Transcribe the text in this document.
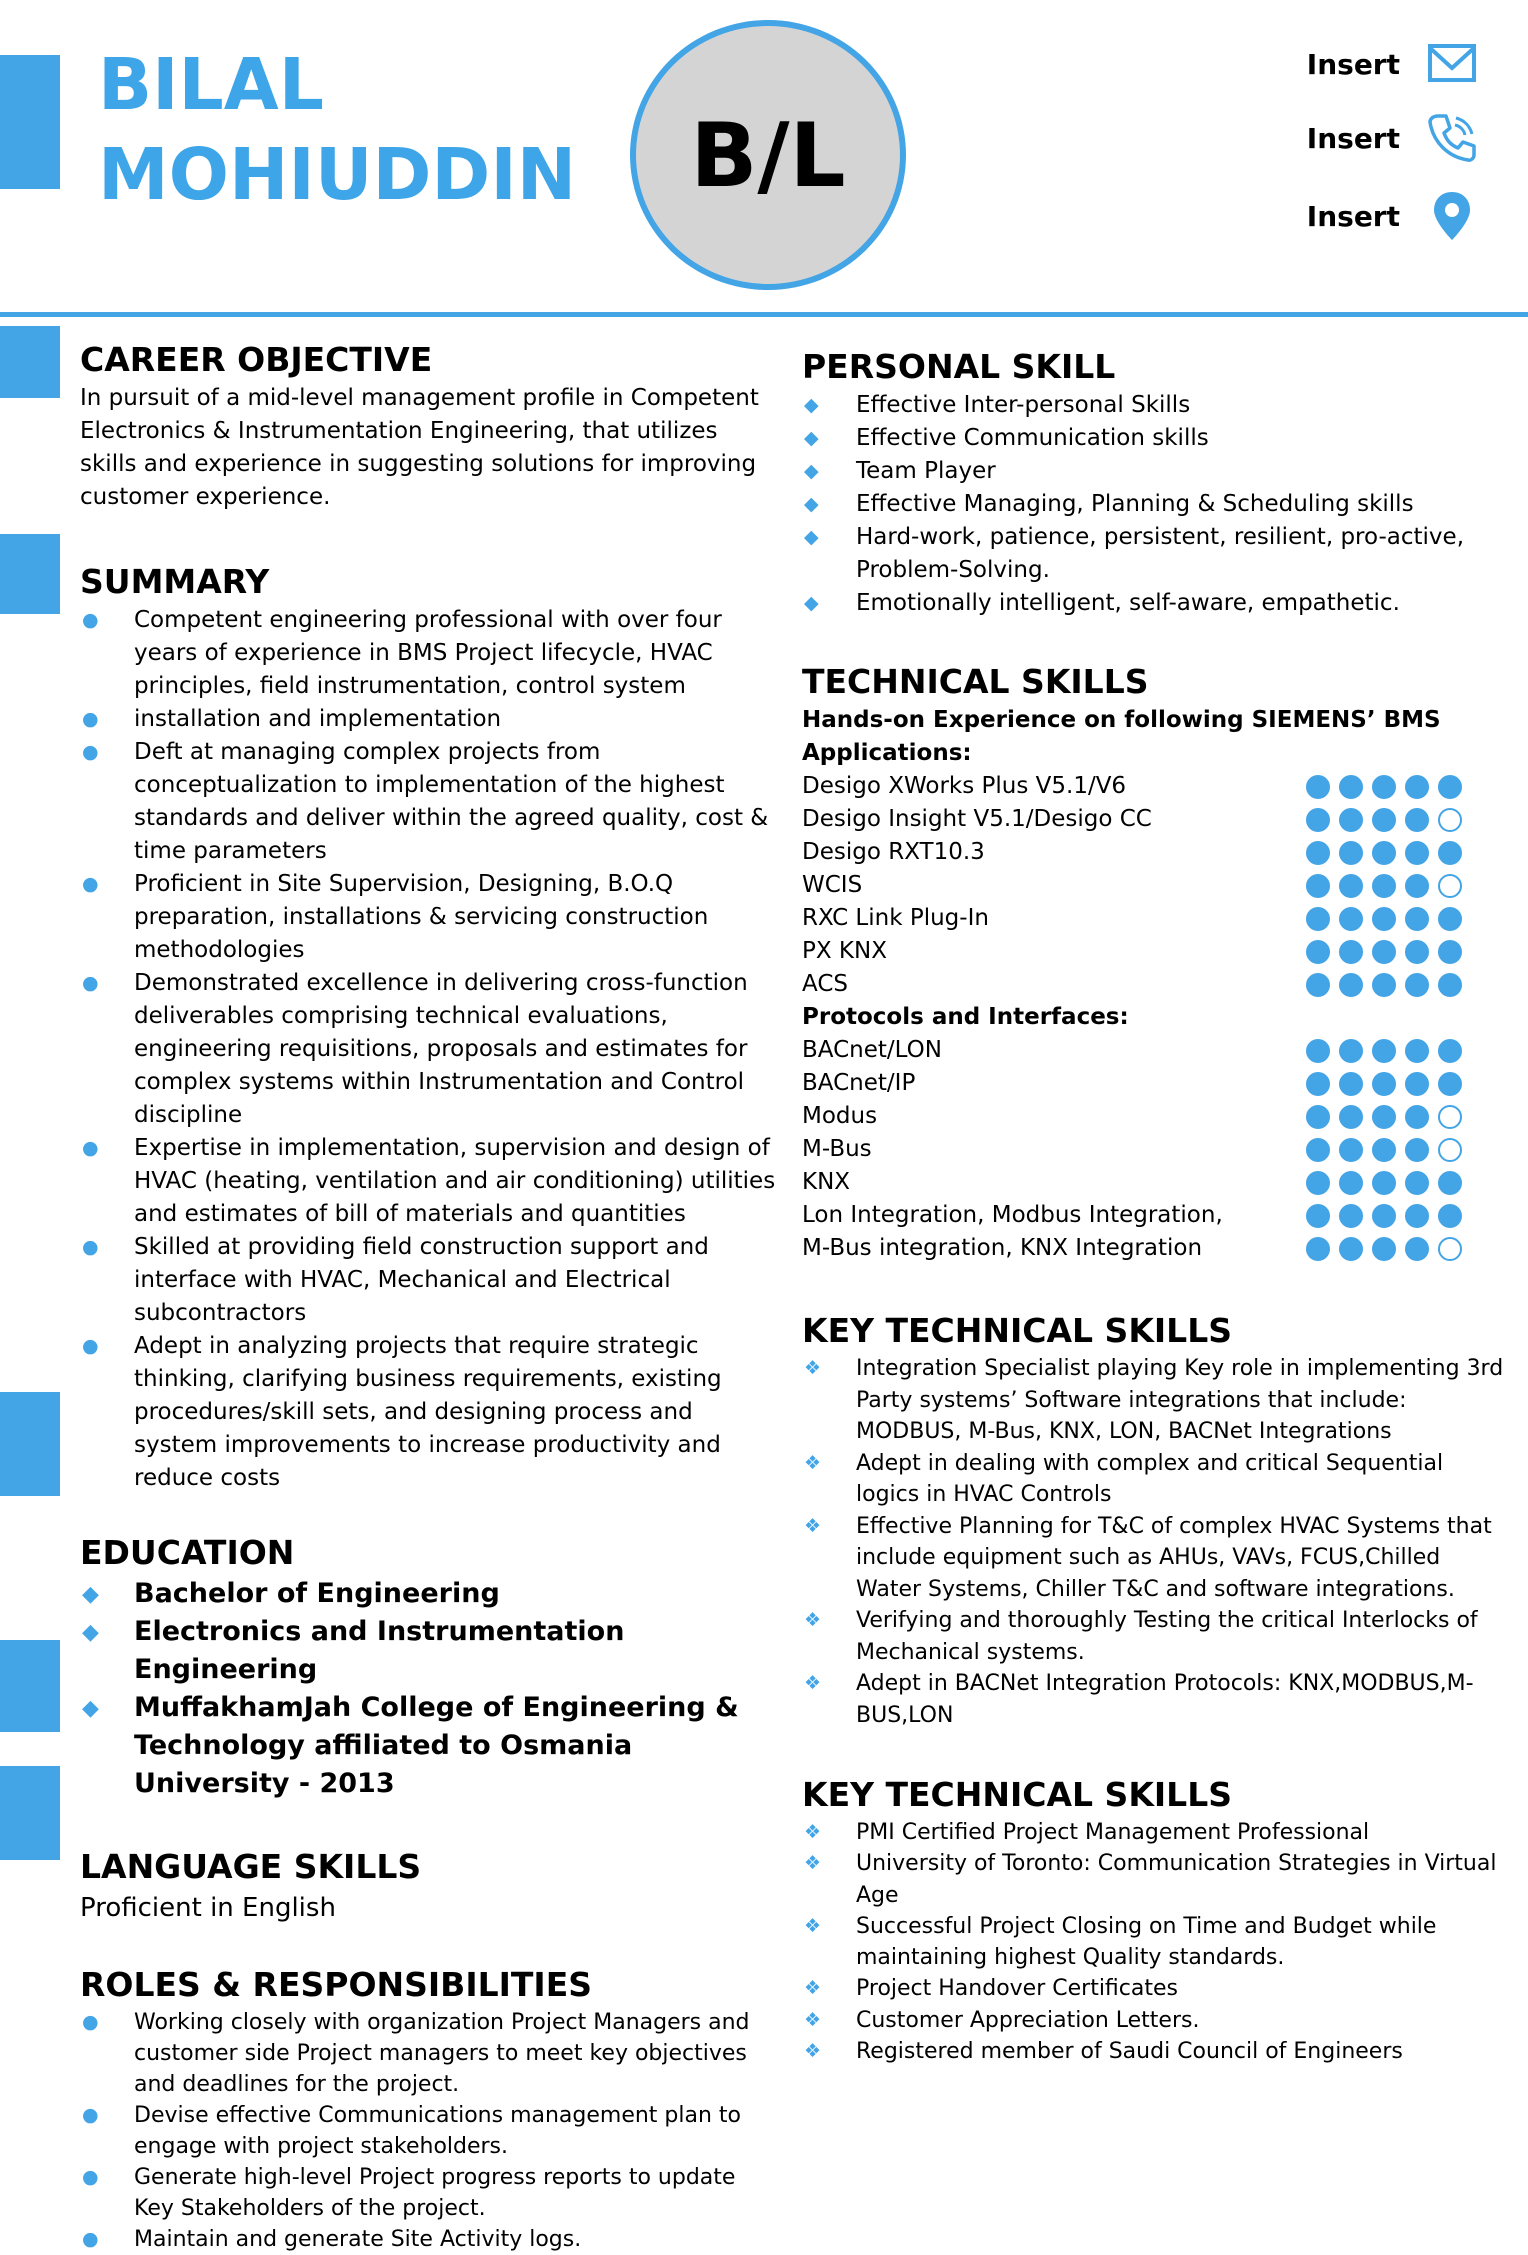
BILAL
MOHIUDDIN B/L
Insert
Insert
Insert
CAREER OBJECTIVE

In pursuit of a mid-level management profile in Competent Electronics & Instrumentation Engineering, that utilizes skills and experience in suggesting solutions for improving customer experience.

SUMMARY
● Competent engineering professional with over four years of experience in BMS Project lifecycle, HVAC principles, field instrumentation, control system
● installation and implementation
● Deft at managing complex projects from conceptualization to implementation of the highest standards and deliver within the agreed quality, cost & time parameters
● Proficient in Site Supervision, Designing, B.O.Q preparation, installations & servicing construction methodologies
● Demonstrated excellence in delivering cross-function deliverables comprising technical evaluations, engineering requisitions, proposals and estimates for complex systems within Instrumentation and Control discipline
● Expertise in implementation, supervision and design of HVAC (heating, ventilation and air conditioning) utilities and estimates of bill of materials and quantities
● Skilled at providing field construction support and interface with HVAC, Mechanical and Electrical subcontractors
● Adept in analyzing projects that require strategic thinking, clarifying business requirements, existing procedures/skill sets, and designing process and system improvements to increase productivity and reduce costs
EDUCATION
◆ Bachelor of Engineering
◆ Electronics and Instrumentation Engineering
◆ MuffakhamJah College of Engineering & Technology affiliated to Osmania University - 2013
LANGUAGE SKILLS

Proficient in English

ROLES & RESPONSIBILITIES
● Working closely with organization Project Managers and customer side Project managers to meet key objectives and deadlines for the project.
● Devise effective Communications management plan to engage with project stakeholders.
● Generate high-level Project progress reports to update Key Stakeholders of the project.
● Maintain and generate Site Activity logs.
PERSONAL SKILL
◆ Effective Inter-personal Skills
◆ Effective Communication skills
◆ Team Player
◆ Effective Managing, Planning & Scheduling skills
◆ Hard-work, patience, persistent, resilient, pro-active, Problem-Solving.
◆ Emotionally intelligent, self-aware, empathetic.
TECHNICAL SKILLS
Hands-on Experience on following SIEMENS’ BMS Applications:
Desigo XWorks Plus V5.1/V6
Desigo Insight V5.1/Desigo CC
Desigo RXT10.3
WCIS
RXC Link Plug-In
PX KNX
ACS
Protocols and Interfaces:
BACnet/LON
BACnet/IP
Modus
M-Bus
KNX
Lon Integration, Modbus Integration,
M-Bus integration, KNX Integration
KEY TECHNICAL SKILLS
❖ Integration Specialist playing Key role in implementing 3rd Party systems’ Software integrations that include: MODBUS, M-Bus, KNX, LON, BACNet Integrations
❖ Adept in dealing with complex and critical Sequential logics in HVAC Controls
❖ Effective Planning for T&C of complex HVAC Systems that include equipment such as AHUs, VAVs, FCUS,Chilled Water Systems, Chiller T&C and software integrations.
❖ Verifying and thoroughly Testing the critical Interlocks of Mechanical systems.
❖ Adept in BACNet Integration Protocols: KNX,MODBUS,M-BUS,LON
KEY TECHNICAL SKILLS
❖ PMI Certified Project Management Professional
❖ University of Toronto: Communication Strategies in Virtual Age
❖ Successful Project Closing on Time and Budget while maintaining highest Quality standards.
❖ Project Handover Certificates
❖ Customer Appreciation Letters.
❖ Registered member of Saudi Council of Engineers
